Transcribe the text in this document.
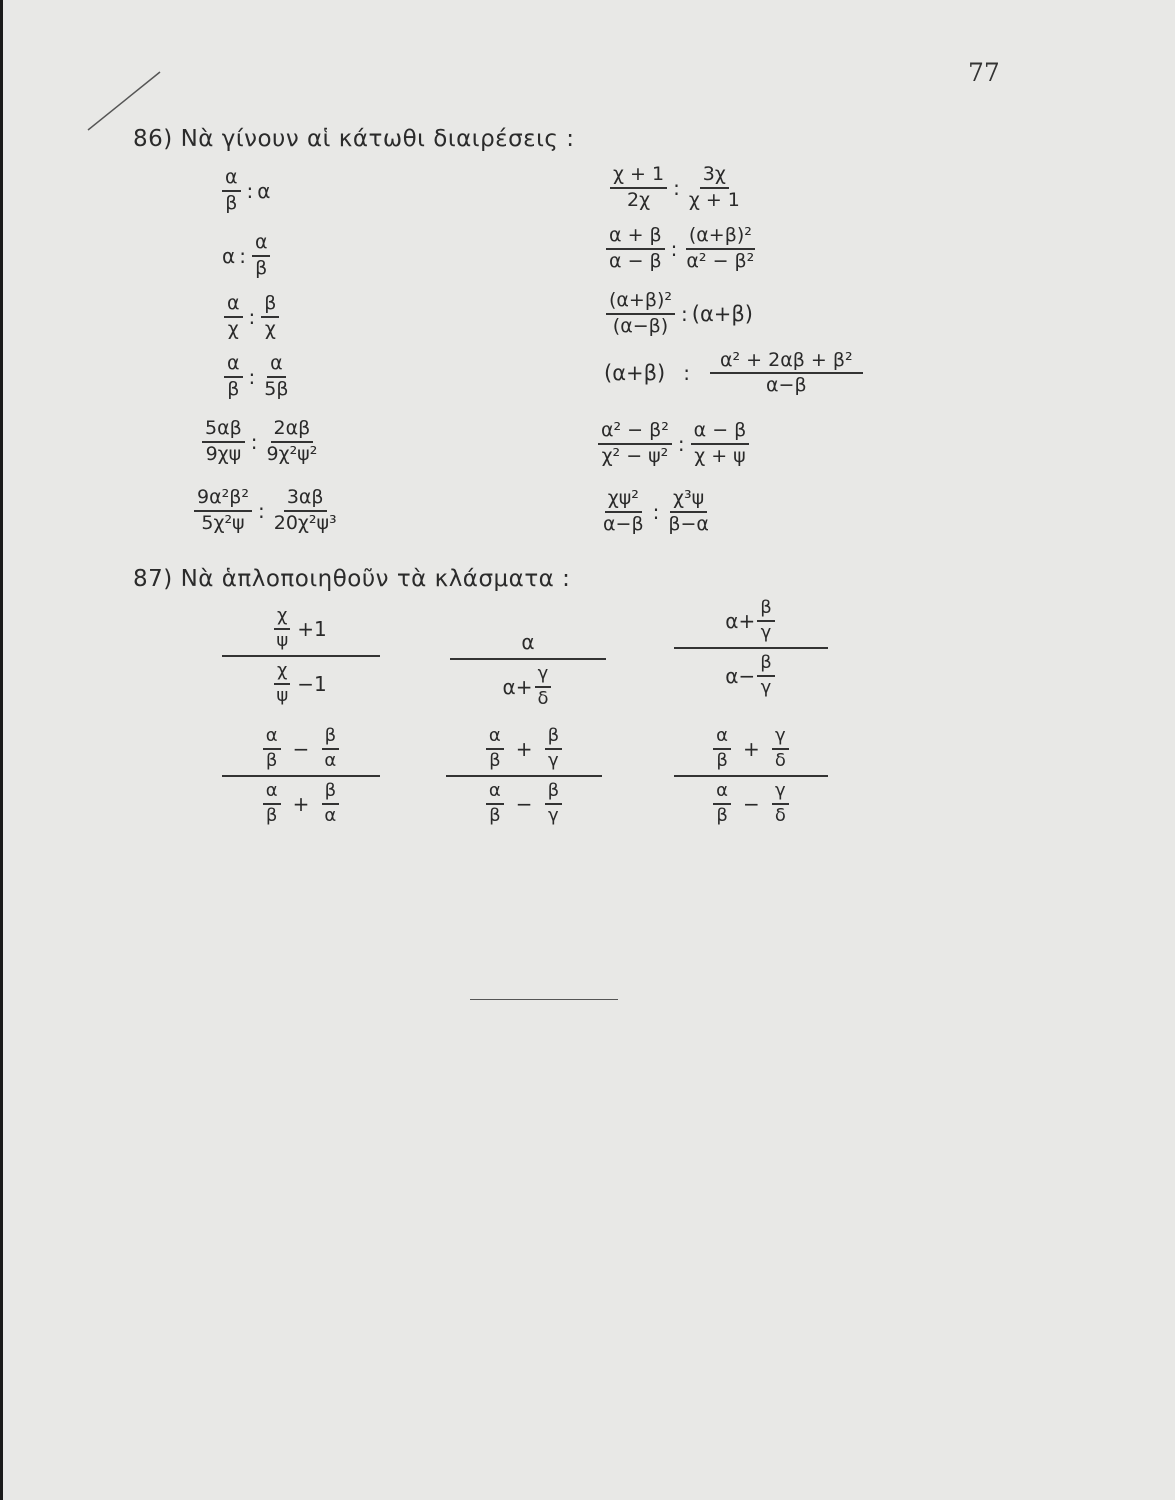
77
86) Νὰ γίνουν αἱ κάτωθι διαιρέσεις :
α
β : α
α :
α
β
α
χ :
β
χ
α
β :
α
5β
5αβ
9χψ :
2αβ
9χ²ψ²
9α²β²
5χ²ψ :
3αβ
20χ²ψ³
χ + 1
2χ :
3χ
χ + 1
α + β
α − β :
(α+β)²
α² − β²
(α+β)²
(α−β) : (α+β)
(α+β) :
α² + 2αβ + β²
α−β
α² − β²
χ² − ψ² :
α − β
χ + ψ
χψ²
α−β :
χ³ψ
β−α
87) Νὰ ἁπλοποιηθοῦν τὰ κλάσματα :
χ
ψ +1
χ
ψ −1
α
$\alpha+ \frac{\gamma}{\delta}$
$\alpha+ \frac{\beta}{\gamma}$
$\alpha- \frac{\beta}{\gamma}$
α
$\beta - \frac{\beta}{\alpha}$
α
$\beta + \frac{\beta}{\alpha}$
α
$\beta + \frac{\beta}{\gamma}$
α
$\beta - \frac{\beta}{\gamma}$
α
$\beta + \frac{\gamma}{\delta}$
α
$\beta - \frac{\gamma}{\delta}$
